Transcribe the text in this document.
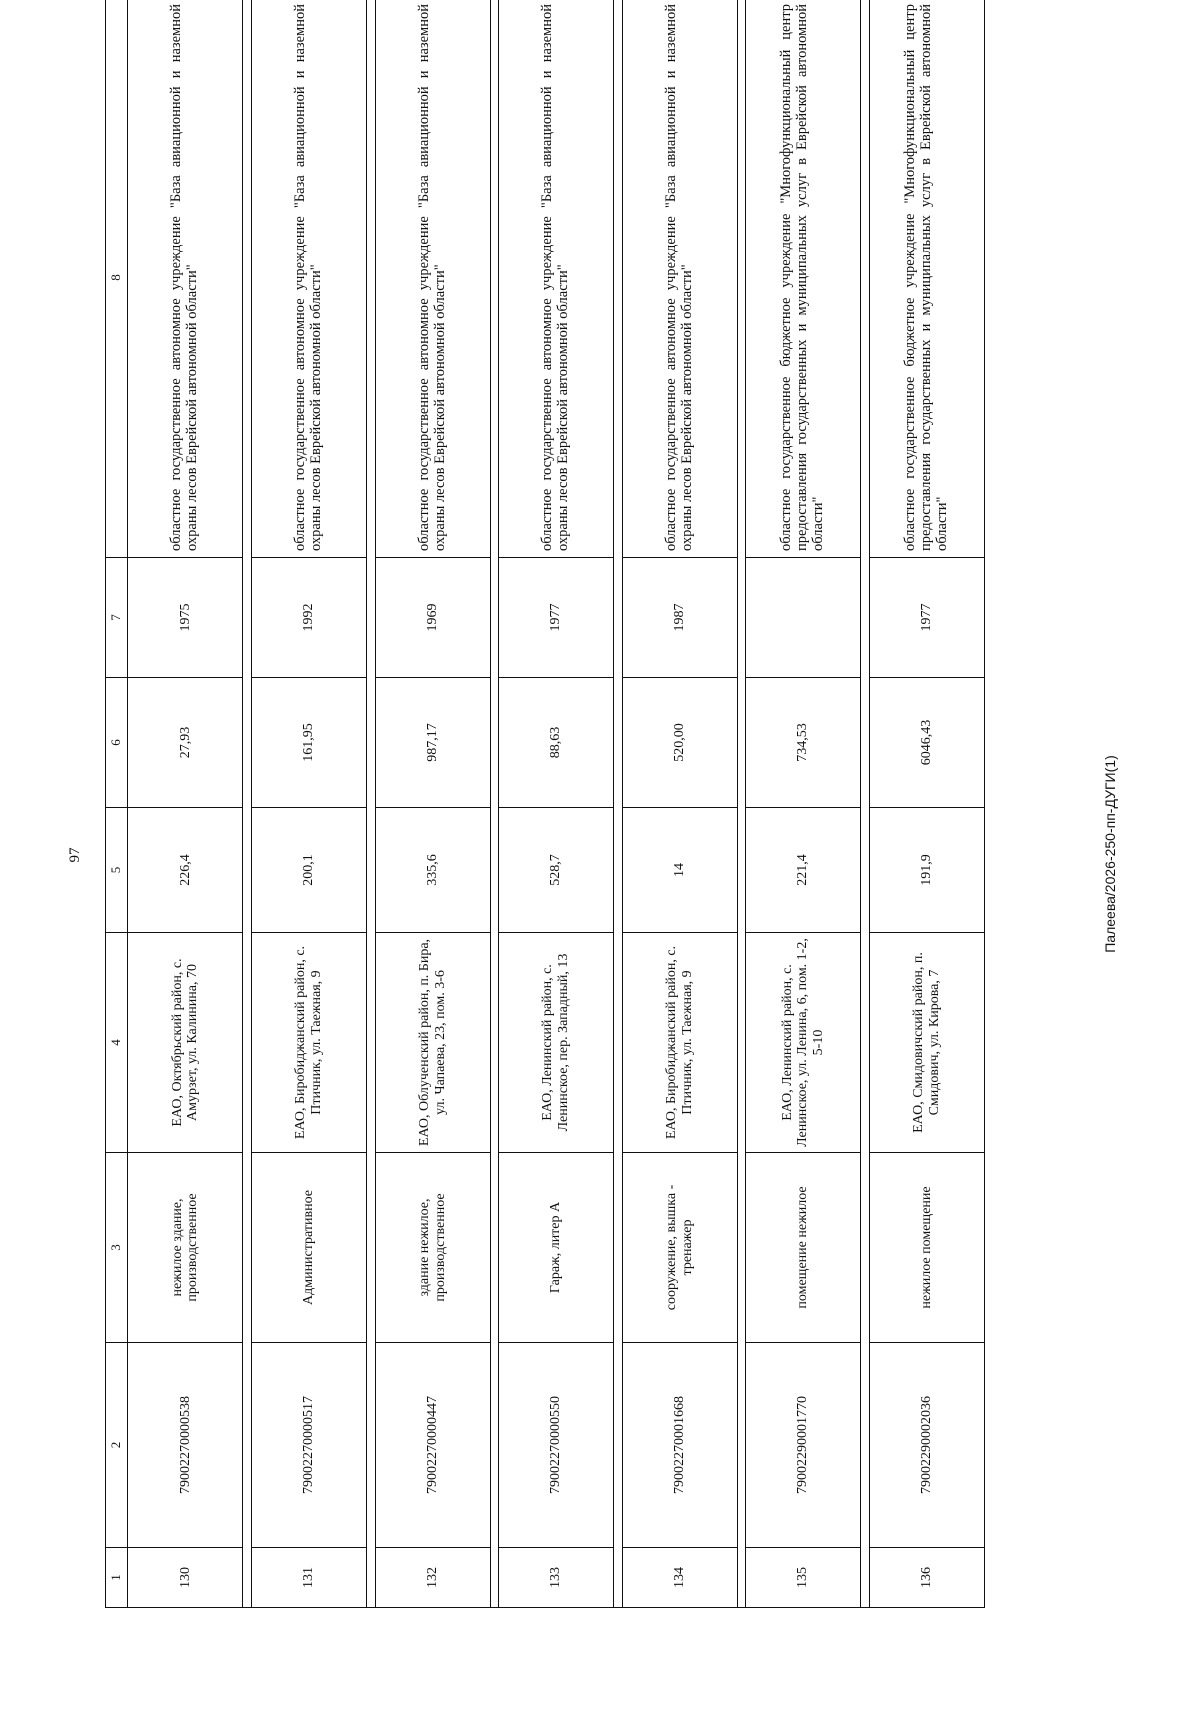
97	Палеева/2026-250-пп-ДУГИ(1)
1	2	3	4	5	6	7	8
130	79002270000538	нежилое здание, производственное	ЕАО, Октябрьский район, с. Амурзет, ул. Калинина, 70	226,4	27,93	1975	областное государственное автономное учреждение "База авиационной и наземной охраны лесов Еврейской автономной области"

131	79002270000517	Административное	ЕАО, Биробиджанский район, с. Птичник, ул. Таежная, 9	200,1	161,95	1992	областное государственное автономное учреждение "База авиационной и наземной охраны лесов Еврейской автономной области"

132	79002270000447	здание нежилое, производственное	ЕАО, Облученский район, п. Бира, ул. Чапаева, 23, пом. 3-6	335,6	987,17	1969	областное государственное автономное учреждение "База авиационной и наземной охраны лесов Еврейской автономной области"

133	79002270000550	Гараж, литер А	ЕАО, Ленинский район, с. Ленинское, пер. Западный, 13	528,7	88,63	1977	областное государственное автономное учреждение "База авиационной и наземной охраны лесов Еврейской автономной области"

134	79002270001668	сооружение, вышка - тренажер	ЕАО, Биробиджанский район, с. Птичник, ул. Таежная, 9	14	520,00	1987	областное государственное автономное учреждение "База авиационной и наземной охраны лесов Еврейской автономной области"

135	79002290001770	помещение нежилое	ЕАО, Ленинский район, с. Ленинское, ул. Ленина, 6, пом. 1-2, 5-10	221,4	734,53		областное государственное бюджетное учреждение "Многофункциональный центр предоставления государственных и муниципальных услуг в Еврейской автономной области"

136	79002290002036	нежилое помещение	ЕАО, Смидовичский район, п. Смидович, ул. Кирова, 7	191,9	6046,43	1977	областное государственное бюджетное учреждение "Многофункциональный центр предоставления государственных и муниципальных услуг в Еврейской автономной области"
